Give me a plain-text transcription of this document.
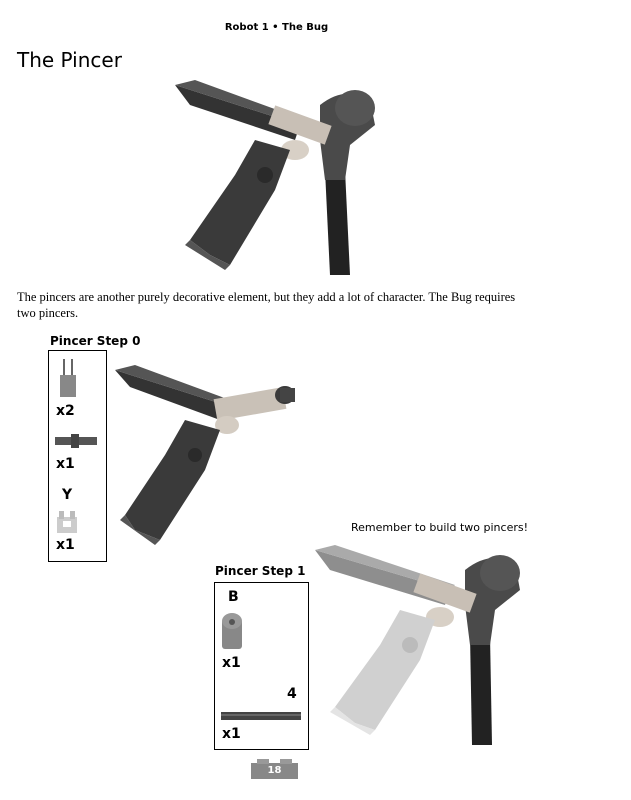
Robot 1 • The Bug
The Pincer
The pincers are another purely decorative element, but they add a lot of character. The Bug requires two pincers.
Pincer Step 0
x2
x1
Y
x1
Remember to build two pincers!
Pincer Step 1
B
x1
4
x1
18
